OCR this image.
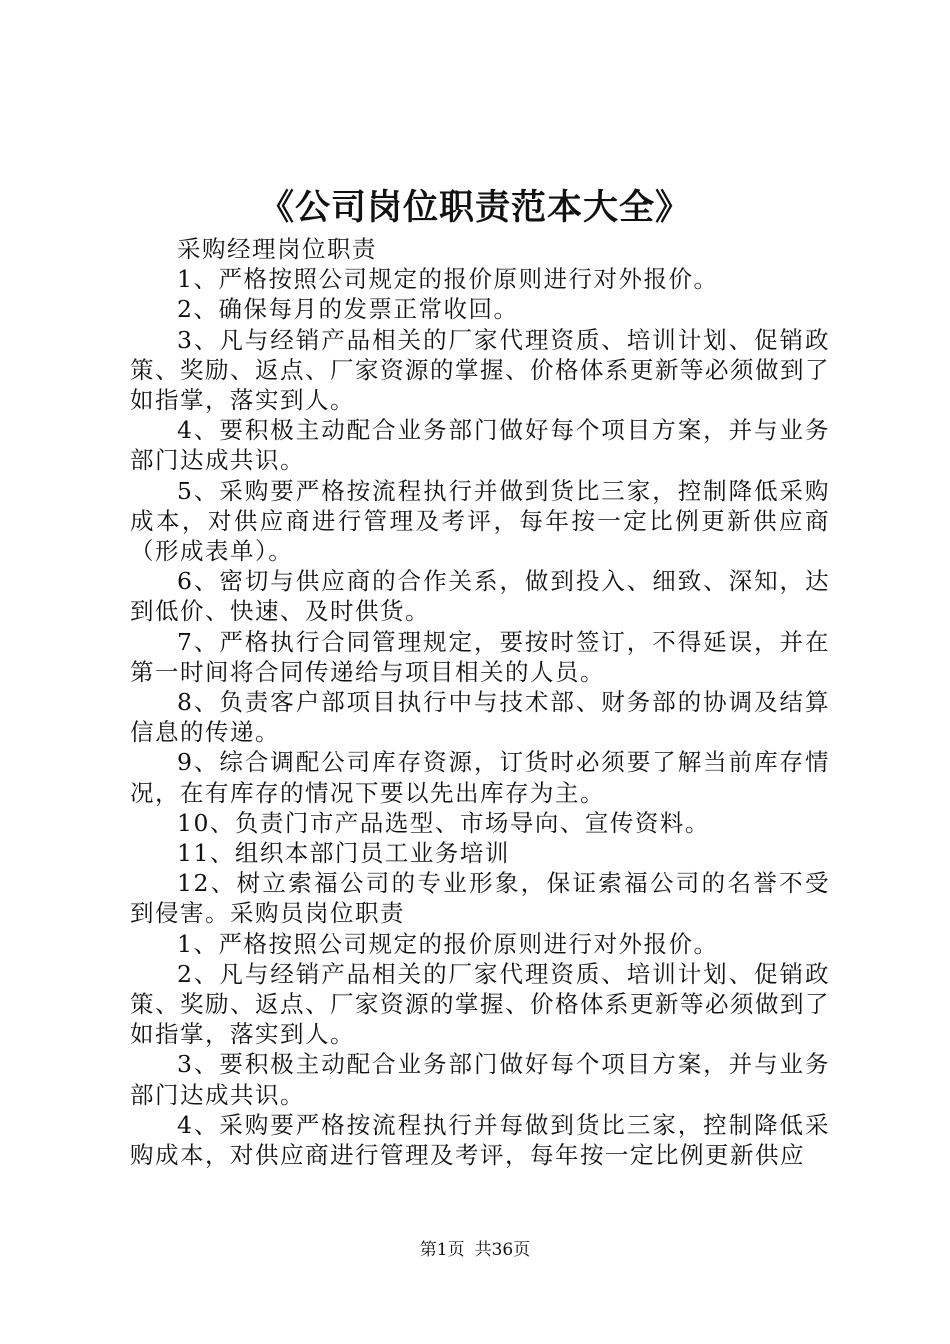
《公司岗位职责范本大全》

采购经理岗位职责

1、严格按照公司规定的报价原则进行对外报价。

2、确保每月的发票正常收回。

3、凡与经销产品相关的厂家代理资质、培训计划、促销政策、奖励、返点、厂家资源的掌握、价格体系更新等必须做到了如指掌，落实到人。

4、要积极主动配合业务部门做好每个项目方案，并与业务部门达成共识。

5、采购要严格按流程执行并做到货比三家，控制降低采购成本，对供应商进行管理及考评，每年按一定比例更新供应商（形成表单）。

6、密切与供应商的合作关系，做到投入、细致、深知，达到低价、快速、及时供货。

7、严格执行合同管理规定，要按时签订，不得延误，并在第一时间将合同传递给与项目相关的人员。

8、负责客户部项目执行中与技术部、财务部的协调及结算信息的传递。

9、综合调配公司库存资源，订货时必须要了解当前库存情况，在有库存的情况下要以先出库存为主。

10、负责门市产品选型、市场导向、宣传资料。

11、组织本部门员工业务培训

12、树立索福公司的专业形象，保证索福公司的名誉不受到侵害。采购员岗位职责

1、严格按照公司规定的报价原则进行对外报价。

2、凡与经销产品相关的厂家代理资质、培训计划、促销政策、奖励、返点、厂家资源的掌握、价格体系更新等必须做到了如指掌，落实到人。

3、要积极主动配合业务部门做好每个项目方案，并与业务部门达成共识。

4、采购要严格按流程执行并每做到货比三家，控制降低采购成本，对供应商进行管理及考评，每年按一定比例更新供应

第1页 共36页
